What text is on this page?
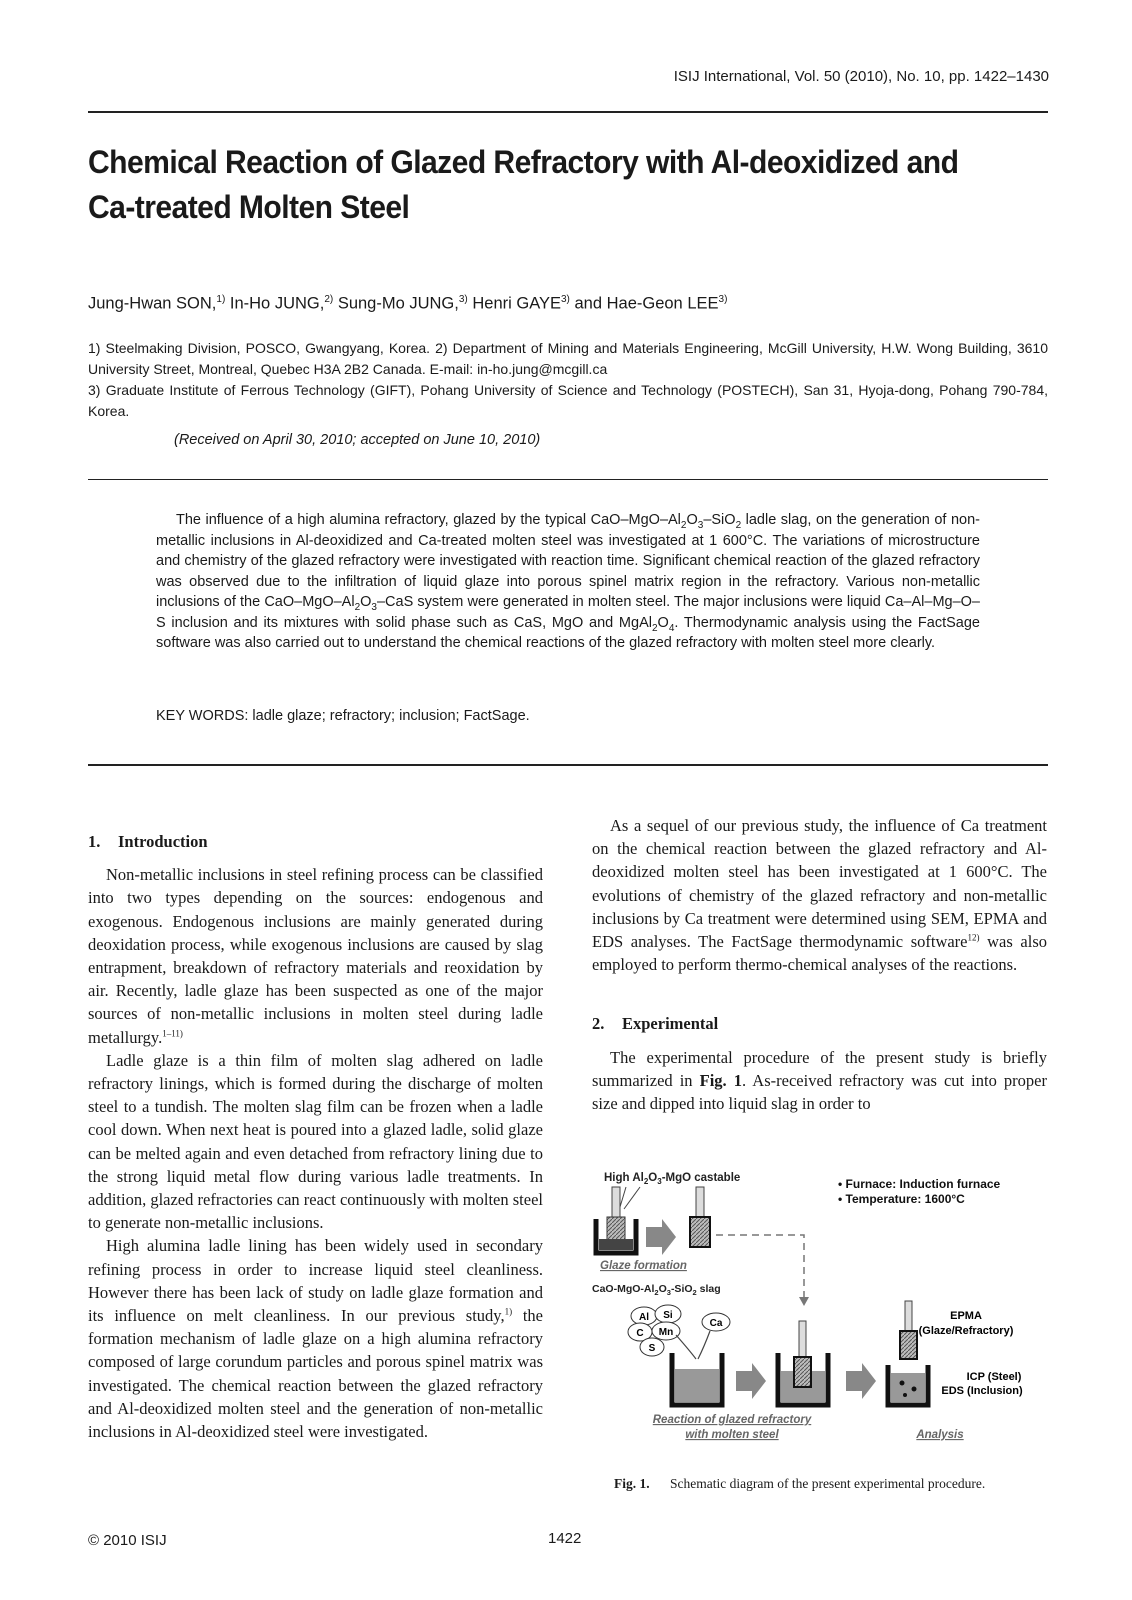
ISIJ International, Vol. 50 (2010), No. 10, pp. 1422–1430
Chemical Reaction of Glazed Refractory with Al-deoxidized and Ca-treated Molten Steel
Jung-Hwan SON,$^{1)}$ In-Ho JUNG,$^{2)}$ Sung-Mo JUNG,$^{3)}$ Henri GAYE$^{3)}$ and Hae-Geon LEE$^{3)}$
1) Steelmaking Division, POSCO, Gwangyang, Korea. 2) Department of Mining and Materials Engineering, McGill University, H.W. Wong Building, 3610 University Street, Montreal, Quebec H3A 2B2 Canada. E-mail: in-ho.jung@mcgill.ca
3) Graduate Institute of Ferrous Technology (GIFT), Pohang University of Science and Technology (POSTECH), San 31, Hyoja-dong, Pohang 790-784, Korea.
(Received on April 30, 2010; accepted on June 10, 2010)

The influence of a high alumina refractory, glazed by the typical CaO–$MgO-Al_2O_3-SiO_2$ ladle slag, on the generation of non-metallic inclusions in Al-deoxidized and Ca-treated molten steel was investigated at 1 600°C. The variations of microstructure and chemistry of the glazed refractory were investigated with reaction time. Significant chemical reaction of the glazed refractory was observed due to the infiltration of liquid glaze into porous spinel matrix region in the refractory. Various non-metallic inclusions of the CaO–$MgO-Al_2O_3$–CaS system were generated in molten steel. The major inclusions were liquid Ca–Al–Mg–O–S inclusion and its mixtures with solid phase such as CaS, MgO and $MgAl_2O_4$. Thermodynamic analysis using the FactSage software was also carried out to understand the chemical reactions of the glazed refractory with molten steel more clearly.

KEY WORDS: ladle glaze; refractory; inclusion; FactSage.
1. Introduction

Non-metallic inclusions in steel refining process can be classified into two types depending on the sources: endogenous and exogenous. Endogenous inclusions are mainly generated during deoxidation process, while exogenous inclusions are caused by slag entrapment, breakdown of refractory materials and reoxidation by air. Recently, ladle glaze has been suspected as one of the major sources of non-metallic inclusions in molten steel during ladle metallurgy.$^{1-11)}$

Ladle glaze is a thin film of molten slag adhered on ladle refractory linings, which is formed during the discharge of molten steel to a tundish. The molten slag film can be frozen when a ladle cool down. When next heat is poured into a glazed ladle, solid glaze can be melted again and even detached from refractory lining due to the strong liquid metal flow during various ladle treatments. In addition, glazed refractories can react continuously with molten steel to generate non-metallic inclusions.

High alumina ladle lining has been widely used in secondary refining process in order to increase liquid steel cleanliness. However there has been lack of study on ladle glaze formation and its influence on melt cleanliness. In our previous study,$^{1)}$ the formation mechanism of ladle glaze on a high alumina refractory composed of large corundum particles and porous spinel matrix was investigated. The chemical reaction between the glazed refractory and Al-deoxidized molten steel and the generation of non-metallic inclusions in Al-deoxidized steel were investigated.

As a sequel of our previous study, the influence of Ca treatment on the chemical reaction between the glazed refractory and Al-deoxidized molten steel has been investigated at 1 600°C. The evolutions of chemistry of the glazed refractory and non-metallic inclusions by Ca treatment were determined using SEM, EPMA and EDS analyses. The FactSage thermodynamic software$^{12)}$ was also employed to perform thermo-chemical analyses of the reactions.

2. Experimental

The experimental procedure of the present study is briefly summarized in Fig. 1. As-received refractory was cut into proper size and dipped into liquid slag in order to

High $Al_2O_3$-MgO castable	• Furnace: Induction furnace
• Temperature: 1600°C
Glaze formation
CaO-$MgO-Al_2O_3-SiO_2$ slag
Al Si
C Mn
S
Ca
EPMA
(Glaze/Refractory)
ICP (Steel)
EDS (Inclusion)
Reaction of glazed refractory
with molten steel	Analysis
Fig. 1. Schematic diagram of the present experimental procedure.
© 2010 ISIJ	1422
